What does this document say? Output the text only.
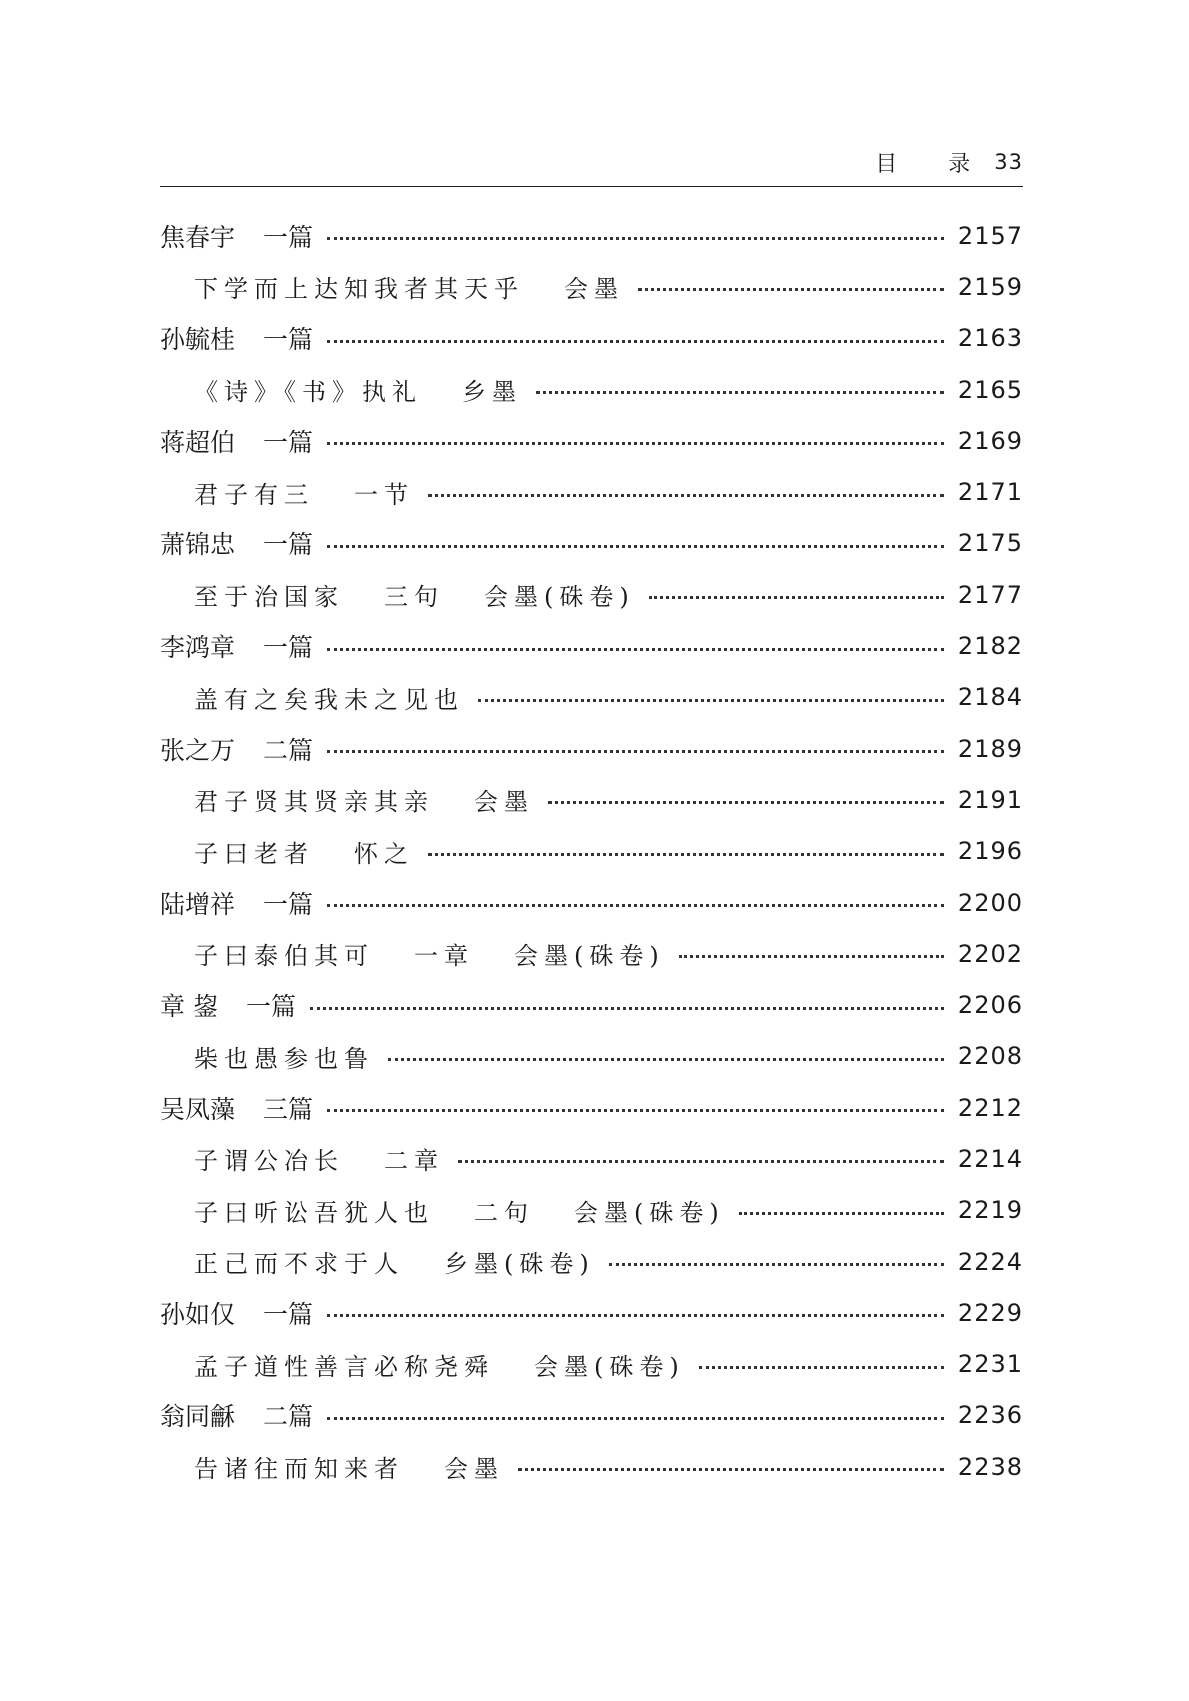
目 录 33
焦春宇 一篇	2157
下学而上达知我者其天乎 会墨	2159
孙毓桂 一篇	2163
《诗》《书》执礼 乡墨	2165
蒋超伯 一篇	2169
君子有三 一节	2171
萧锦忠 一篇	2175
至于治国家 三句 会墨(硃卷)	2177
李鸿章 一篇	2182
盖有之矣我未之见也	2184
张之万 二篇	2189
君子贤其贤亲其亲 会墨	2191
子曰老者 怀之	2196
陆增祥 一篇	2200
子曰泰伯其可 一章 会墨(硃卷)	2202
章 鋆 一篇	2206
柴也愚参也鲁	2208
吴凤藻 三篇	2212
子谓公冶长 二章	2214
子曰听讼吾犹人也 二句 会墨(硃卷)	2219
正己而不求于人 乡墨(硃卷)	2224
孙如仅 一篇	2229
孟子道性善言必称尧舜 会墨(硃卷)	2231
翁同龢 二篇	2236
告诸往而知来者 会墨	2238
